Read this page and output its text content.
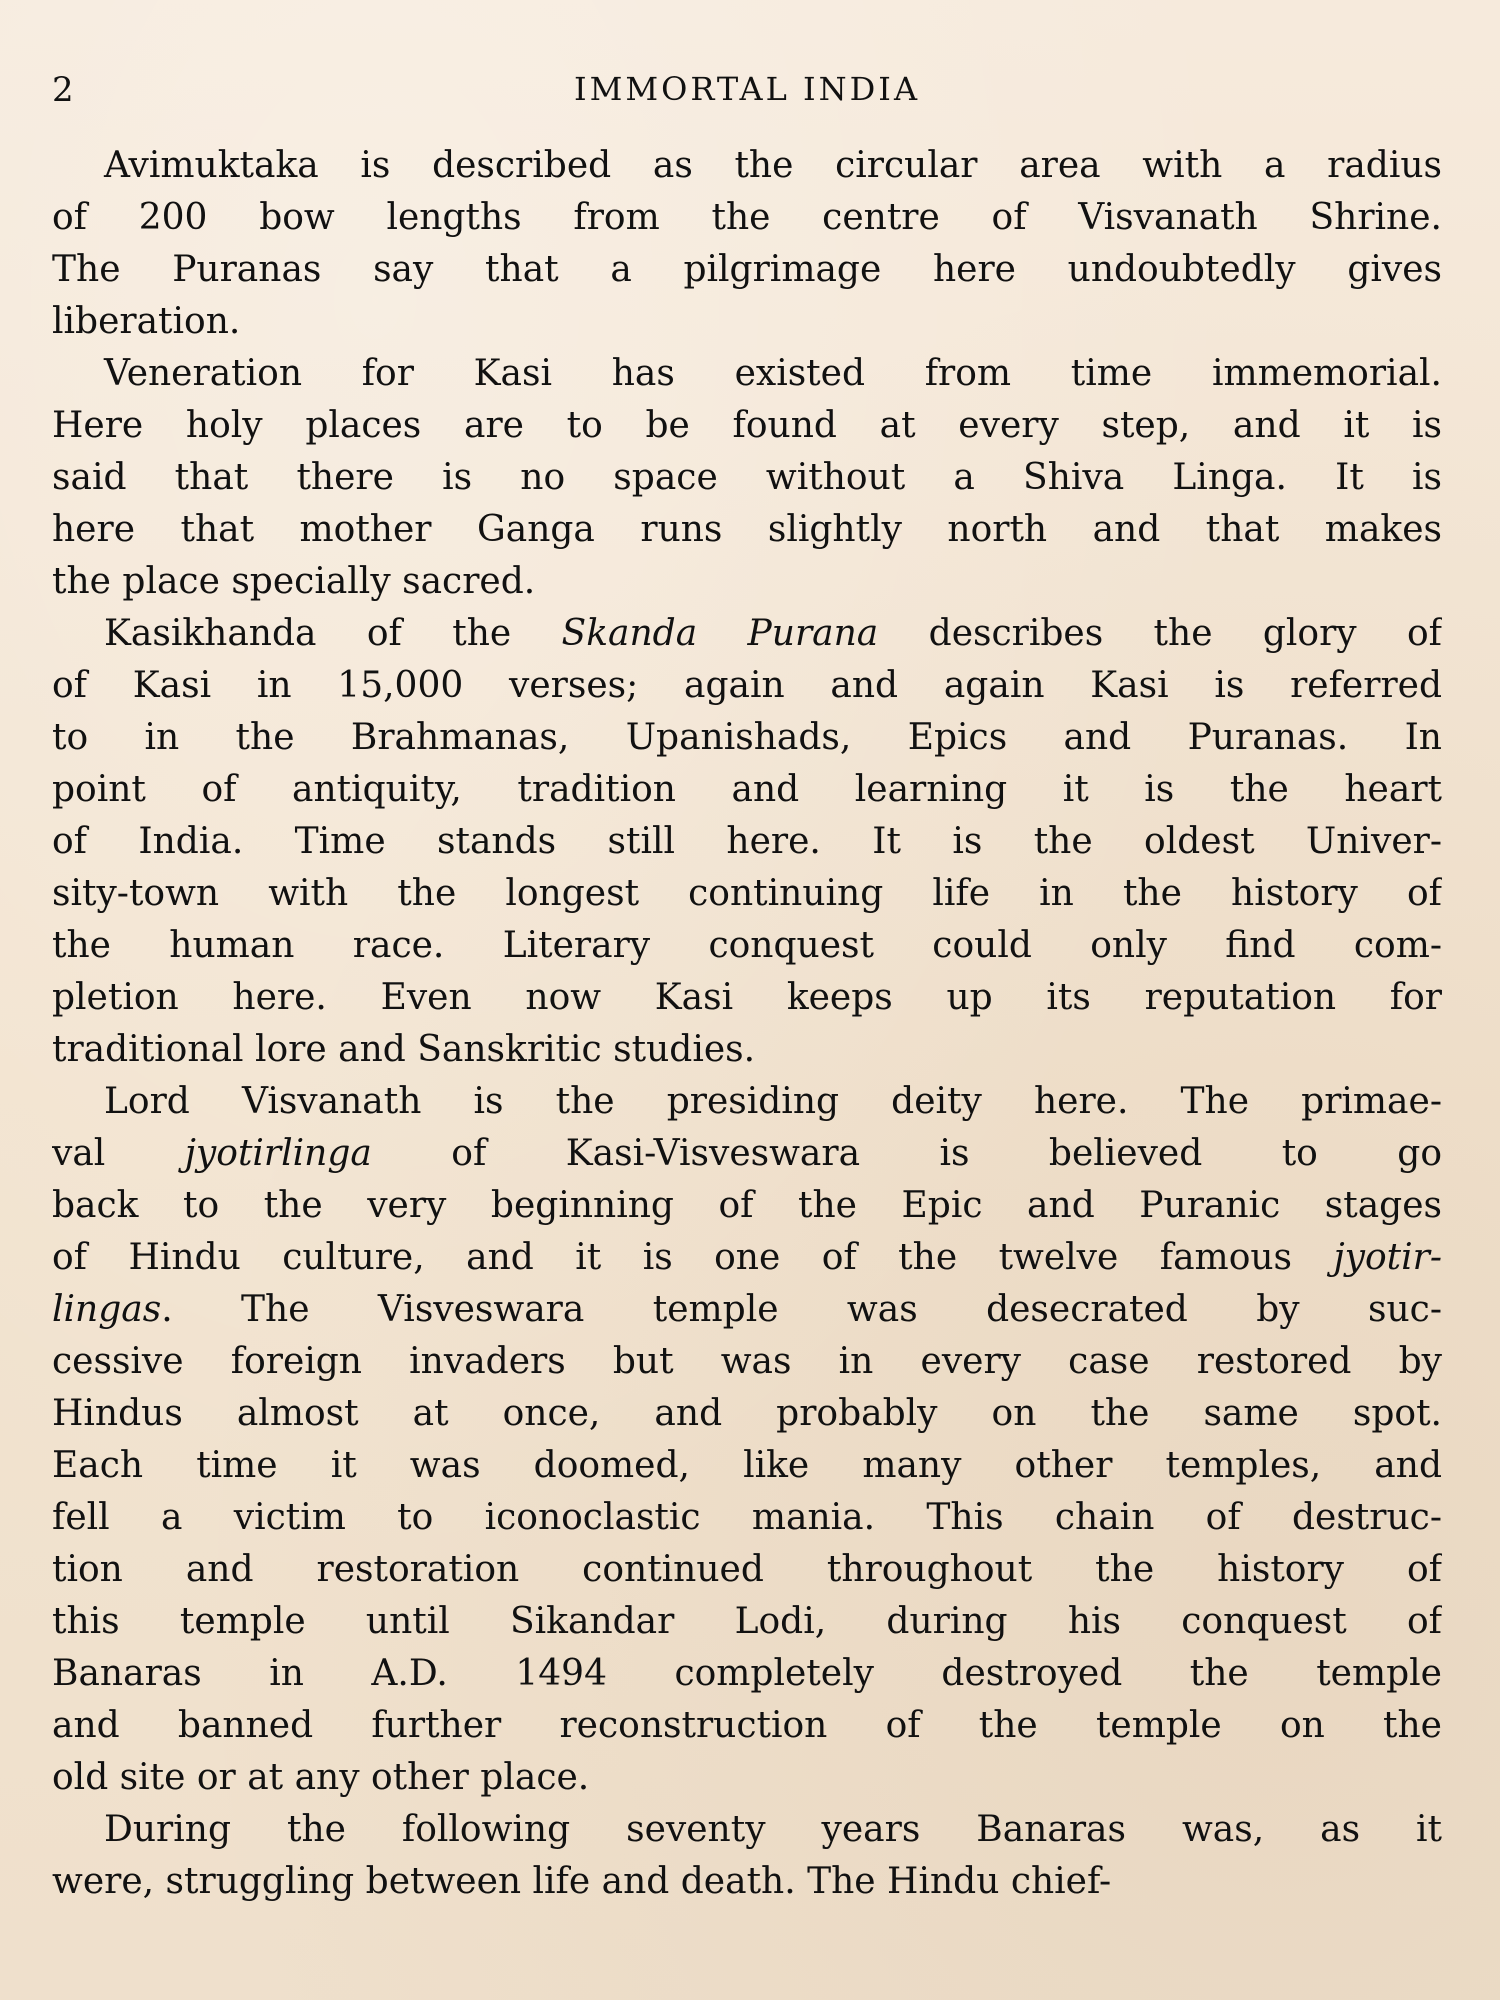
2	IMMORTAL INDIA
Avimuktaka is described as the circular area with a radius
of 200 bow lengths from the centre of Visvanath Shrine.
The Puranas say that a pilgrimage here undoubtedly gives
liberation.
Veneration for Kasi has existed from time immemorial.
Here holy places are to be found at every step, and it is
said that there is no space without a Shiva Linga. It is
here that mother Ganga runs slightly north and that makes
the place specially sacred.
Kasikhanda of the Skanda Purana describes the glory of
of Kasi in 15,000 verses; again and again Kasi is referred
to in the Brahmanas, Upanishads, Epics and Puranas. In
point of antiquity, tradition and learning it is the heart
of India. Time stands still here. It is the oldest Univer-
sity-town with the longest continuing life in the history of
the human race. Literary conquest could only find com-
pletion here. Even now Kasi keeps up its reputation for
traditional lore and Sanskritic studies.
Lord Visvanath is the presiding deity here. The primae-
val jyotirlinga of Kasi-Visveswara is believed to go
back to the very beginning of the Epic and Puranic stages
of Hindu culture, and it is one of the twelve famous jyotir-
lingas. The Visveswara temple was desecrated by suc-
cessive foreign invaders but was in every case restored by
Hindus almost at once, and probably on the same spot.
Each time it was doomed, like many other temples, and
fell a victim to iconoclastic mania. This chain of destruc-
tion and restoration continued throughout the history of
this temple until Sikandar Lodi, during his conquest of
Banaras in A.D. 1494 completely destroyed the temple
and banned further reconstruction of the temple on the
old site or at any other place.
During the following seventy years Banaras was, as it
were, struggling between life and death. The Hindu chief-
